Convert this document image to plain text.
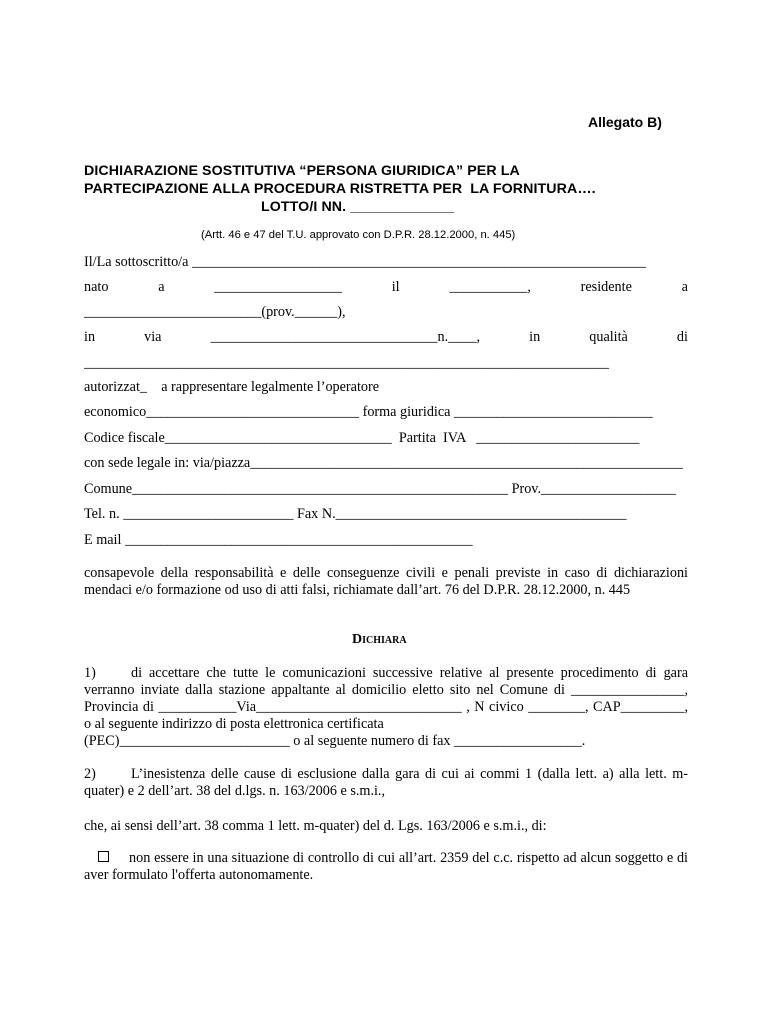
Allegato B)
DICHIARAZIONE SOSTITUTIVA “PERSONA GIURIDICA” PER LA
PARTECIPAZIONE ALLA PROCEDURA RISTRETTA PER  LA FORNITURA….
LOTTO/I NN. _____________
(Artt. 46 e 47 del T.U. approvato con D.P.R. 28.12.2000, n. 445)
Il/La sottoscritto/a ________________________________________________________________
nato	a	__________________	il	___________,	residente	a
_________________________(prov.______),
in	via	________________________________n.____,	in	qualità	di
__________________________________________________________________________
autorizzat_    a rappresentare legalmente l’operatore
economico______________________________ forma giuridica ____________________________
Codice fiscale________________________________  Partita  IVA   _______________________
con sede legale in: via/piazza_____________________________________________________________
Comune_____________________________________________________ Prov.___________________
Tel. n. ________________________ Fax N._________________________________________
E mail _________________________________________________
consapevole della responsabilità e delle conseguenze civili e penali previste in caso di dichiarazioni mendaci e/o formazione od uso di atti falsi, richiamate dall’art. 76 del D.P.R. 28.12.2000, n. 445
Dichiara
1) di accettare che tutte le comunicazioni successive relative al presente procedimento di gara verranno inviate dalla stazione appaltante al domicilio eletto sito nel Comune di ________________, Provincia di ___________Via_____________________________ , N civico ________, CAP_________, o al seguente indirizzo di posta elettronica certificata
(PEC)________________________ o al seguente numero di fax __________________.
2) L’inesistenza delle cause di esclusione dalla gara di cui ai commi 1 (dalla lett. a) alla lett. m-quater) e 2 dell’art. 38 del d.lgs. n. 163/2006 e s.m.i.,
che, ai sensi dell’art. 38 comma 1 lett. m-quater) del d. Lgs. 163/2006 e s.m.i., di:
non essere in una situazione di controllo di cui all’art. 2359 del c.c. rispetto ad alcun soggetto e di aver formulato l'offerta autonomamente.
